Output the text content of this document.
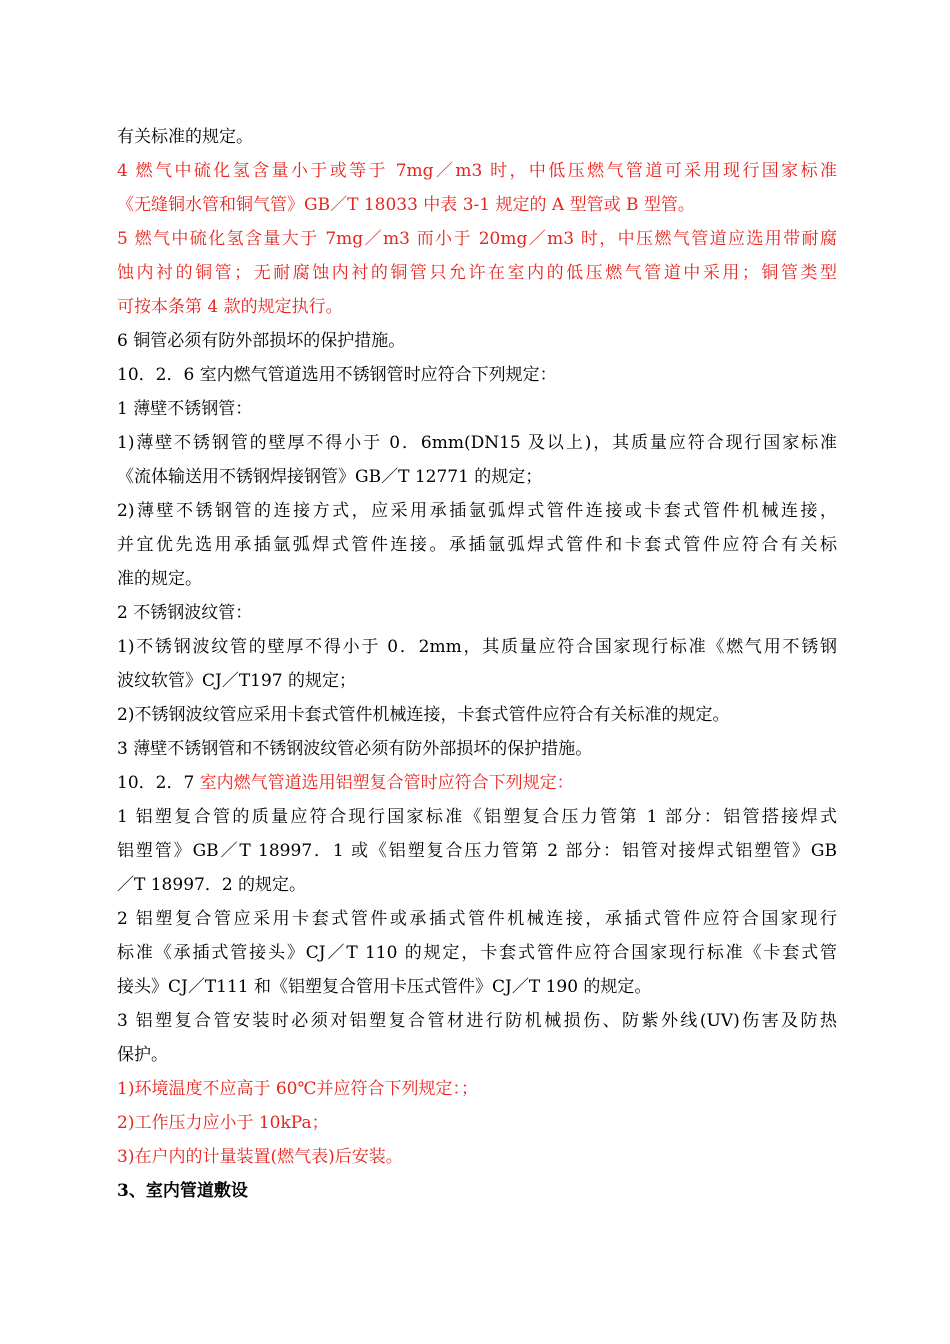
有关标准的规定。
4 燃气中硫化氢含量小于或等于 7mg／m3 时，中低压燃气管道可采用现行国家标准
《无缝铜水管和铜气管》GB／T 18033 中表 3-1 规定的 A 型管或 B 型管。
5 燃气中硫化氢含量大于 7mg／m3 而小于 20mg／m3 时，中压燃气管道应选用带耐腐
蚀内衬的铜管；无耐腐蚀内衬的铜管只允许在室内的低压燃气管道中采用；铜管类型
可按本条第 4 款的规定执行。
6 铜管必须有防外部损坏的保护措施。
10．2．6 室内燃气管道选用不锈钢管时应符合下列规定：
1 薄壁不锈钢管：
1)薄壁不锈钢管的壁厚不得小于 0．6mm(DN15 及以上)，其质量应符合现行国家标准
《流体输送用不锈钢焊接钢管》GB／T 12771 的规定；
2)薄壁不锈钢管的连接方式，应采用承插氩弧焊式管件连接或卡套式管件机械连接，
并宜优先选用承插氩弧焊式管件连接。承插氩弧焊式管件和卡套式管件应符合有关标
准的规定。
2 不锈钢波纹管：
1)不锈钢波纹管的壁厚不得小于 0．2mm，其质量应符合国家现行标准《燃气用不锈钢
波纹软管》CJ／T197 的规定；
2)不锈钢波纹管应采用卡套式管件机械连接，卡套式管件应符合有关标准的规定。
3 薄壁不锈钢管和不锈钢波纹管必须有防外部损坏的保护措施。
10．2．7 室内燃气管道选用铝塑复合管时应符合下列规定：
1 铝塑复合管的质量应符合现行国家标准《铝塑复合压力管第 1 部分：铝管搭接焊式
铝塑管》GB／T 18997．1 或《铝塑复合压力管第 2 部分：铝管对接焊式铝塑管》GB
／T 18997．2 的规定。
2 铝塑复合管应采用卡套式管件或承插式管件机械连接，承插式管件应符合国家现行
标准《承插式管接头》CJ／T 110 的规定，卡套式管件应符合国家现行标准《卡套式管
接头》CJ／T111 和《铝塑复合管用卡压式管件》CJ／T 190 的规定。
3 铝塑复合管安装时必须对铝塑复合管材进行防机械损伤、防紫外线(UV)伤害及防热
保护。
1)环境温度不应高于 60℃并应符合下列规定：；
2)工作压力应小于 10kPa；
3)在户内的计量装置(燃气表)后安装。
3、室内管道敷设
